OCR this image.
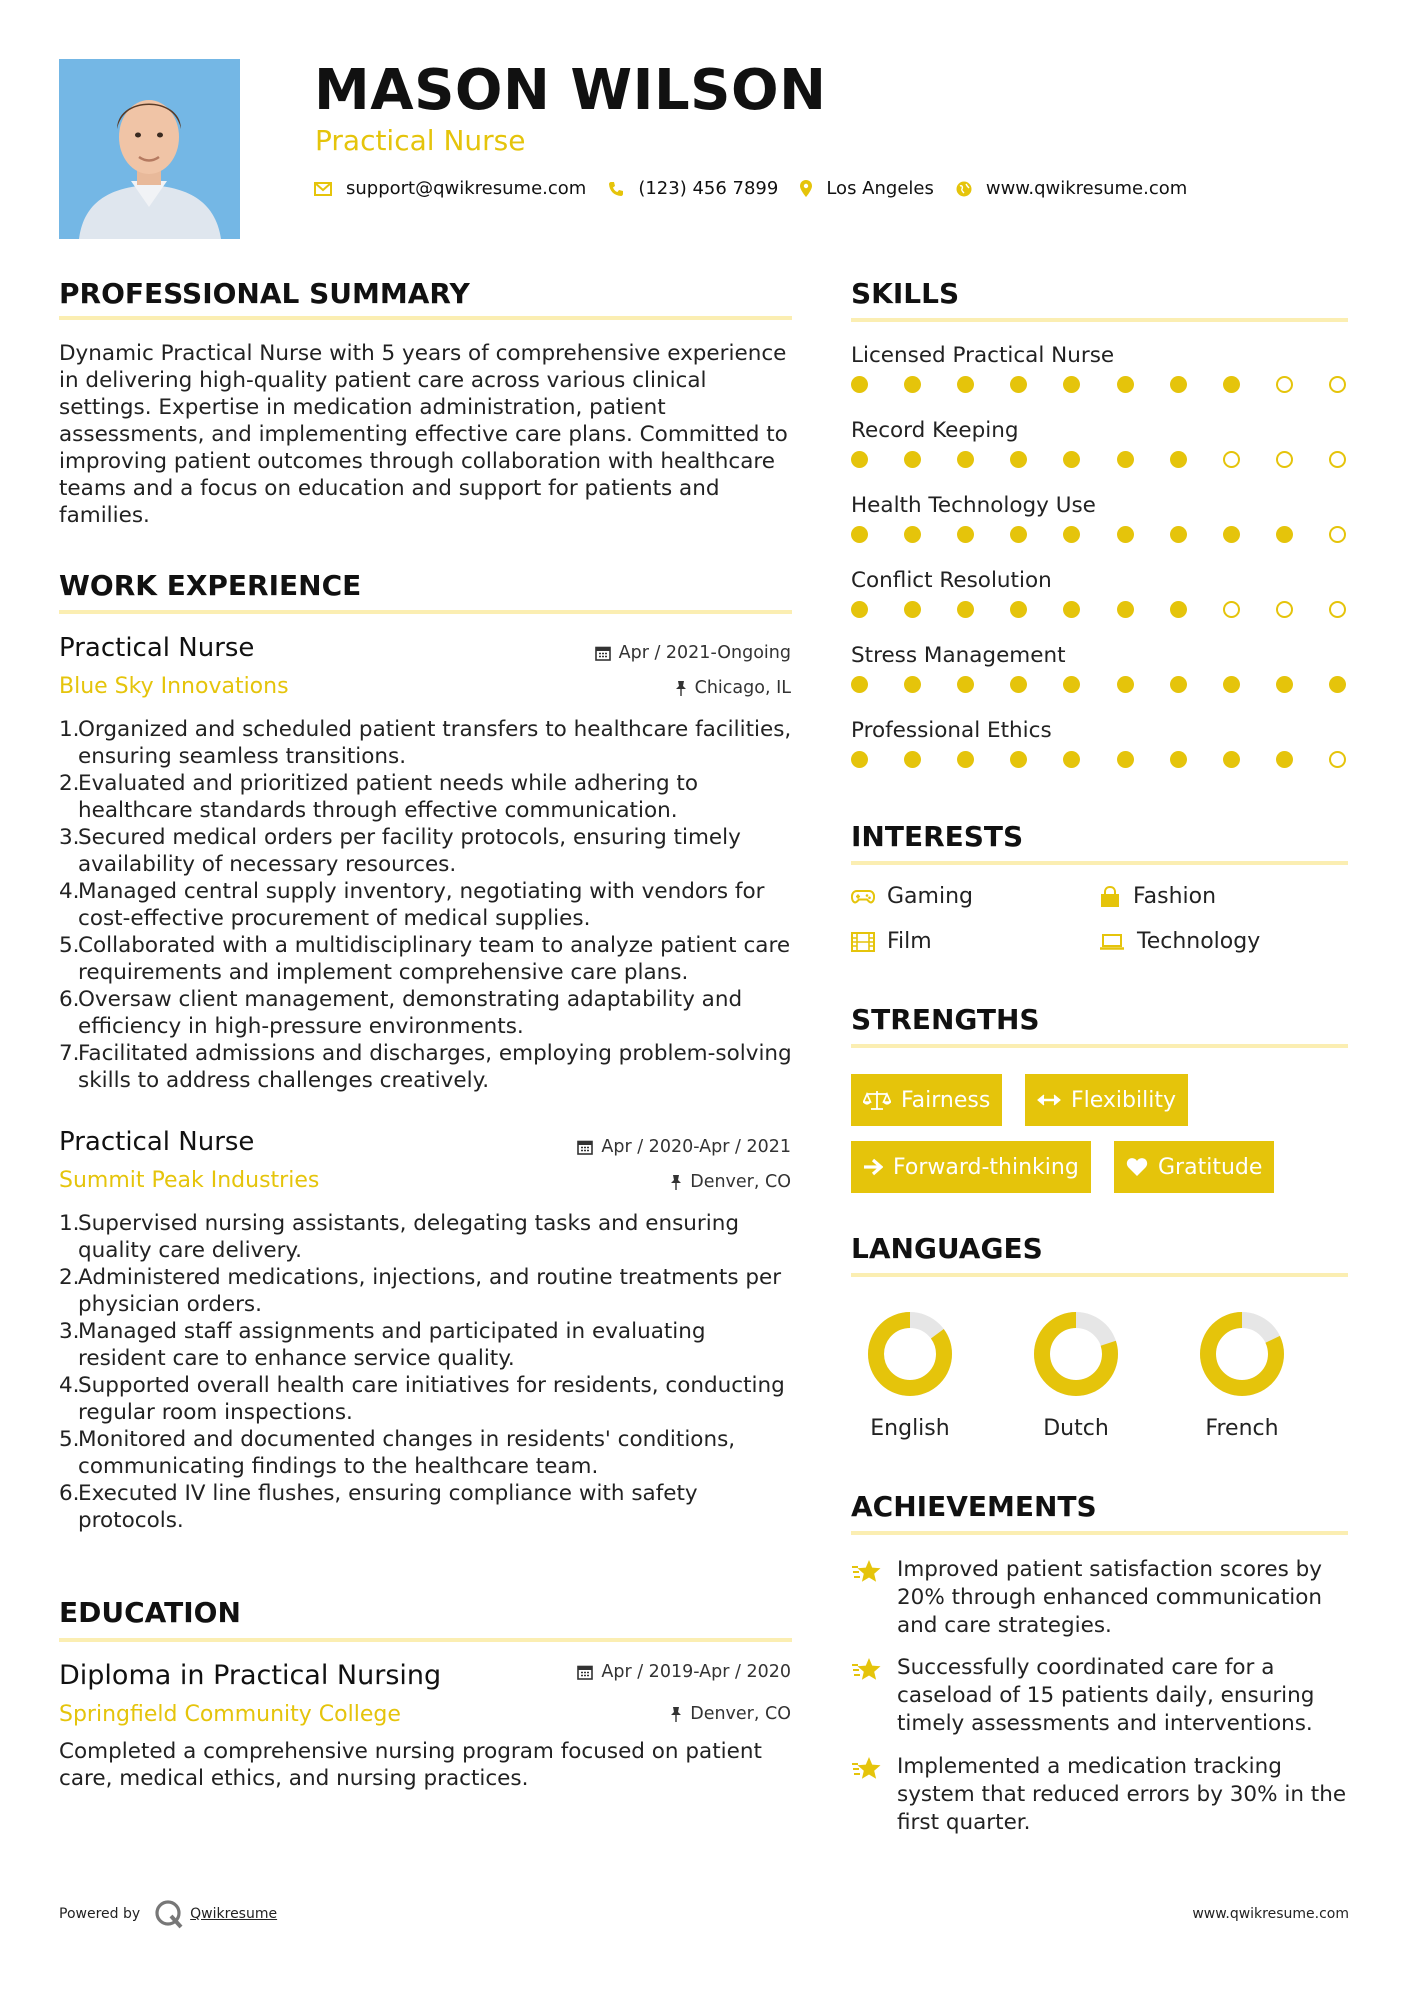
MASON WILSON
Practical Nurse
support@qwikresume.com	(123) 456 7899	Los Angeles	www.qwikresume.com
PROFESSIONAL SUMMARY
Dynamic Practical Nurse with 5 years of comprehensive experience in delivering high-quality patient care across various clinical settings. Expertise in medication administration, patient assessments, and implementing effective care plans. Committed to improving patient outcomes through collaboration with healthcare teams and a focus on education and support for patients and families.
WORK EXPERIENCE
Practical Nurse
Blue Sky Innovations
Apr / 2021-Ongoing
Chicago, IL
1.
Organized and scheduled patient transfers to healthcare facilities, ensuring seamless transitions.
2.
Evaluated and prioritized patient needs while adhering to healthcare standards through effective communication.
3.
Secured medical orders per facility protocols, ensuring timely availability of necessary resources.
4.
Managed central supply inventory, negotiating with vendors for cost-effective procurement of medical supplies.
5.
Collaborated with a multidisciplinary team to analyze patient care requirements and implement comprehensive care plans.
6.
Oversaw client management, demonstrating adaptability and efficiency in high-pressure environments.
7.
Facilitated admissions and discharges, employing problem-solving skills to address challenges creatively.
Practical Nurse
Summit Peak Industries
Apr / 2020-Apr / 2021
Denver, CO
1.
Supervised nursing assistants, delegating tasks and ensuring quality care delivery.
2.
Administered medications, injections, and routine treatments per physician orders.
3.
Managed staff assignments and participated in evaluating resident care to enhance service quality.
4.
Supported overall health care initiatives for residents, conducting regular room inspections.
5.
Monitored and documented changes in residents' conditions, communicating findings to the healthcare team.
6.
Executed IV line flushes, ensuring compliance with safety protocols.
EDUCATION
Diploma in Practical Nursing
Springfield Community College
Apr / 2019-Apr / 2020
Denver, CO
Completed a comprehensive nursing program focused on patient care, medical ethics, and nursing practices.
SKILLS
Licensed Practical Nurse
Record Keeping
Health Technology Use
Conflict Resolution
Stress Management
Professional Ethics
INTERESTS
Gaming	Fashion
Film	Technology
STRENGTHS
Fairness	Flexibility
Forward-thinking	Gratitude
LANGUAGES
English	Dutch	French
ACHIEVEMENTS
Improved patient satisfaction scores by 20% through enhanced communication and care strategies.
Successfully coordinated care for a caseload of 15 patients daily, ensuring timely assessments and interventions.
Implemented a medication tracking system that reduced errors by 30% in the first quarter.
Powered by	Qwikresume	www.qwikresume.com
